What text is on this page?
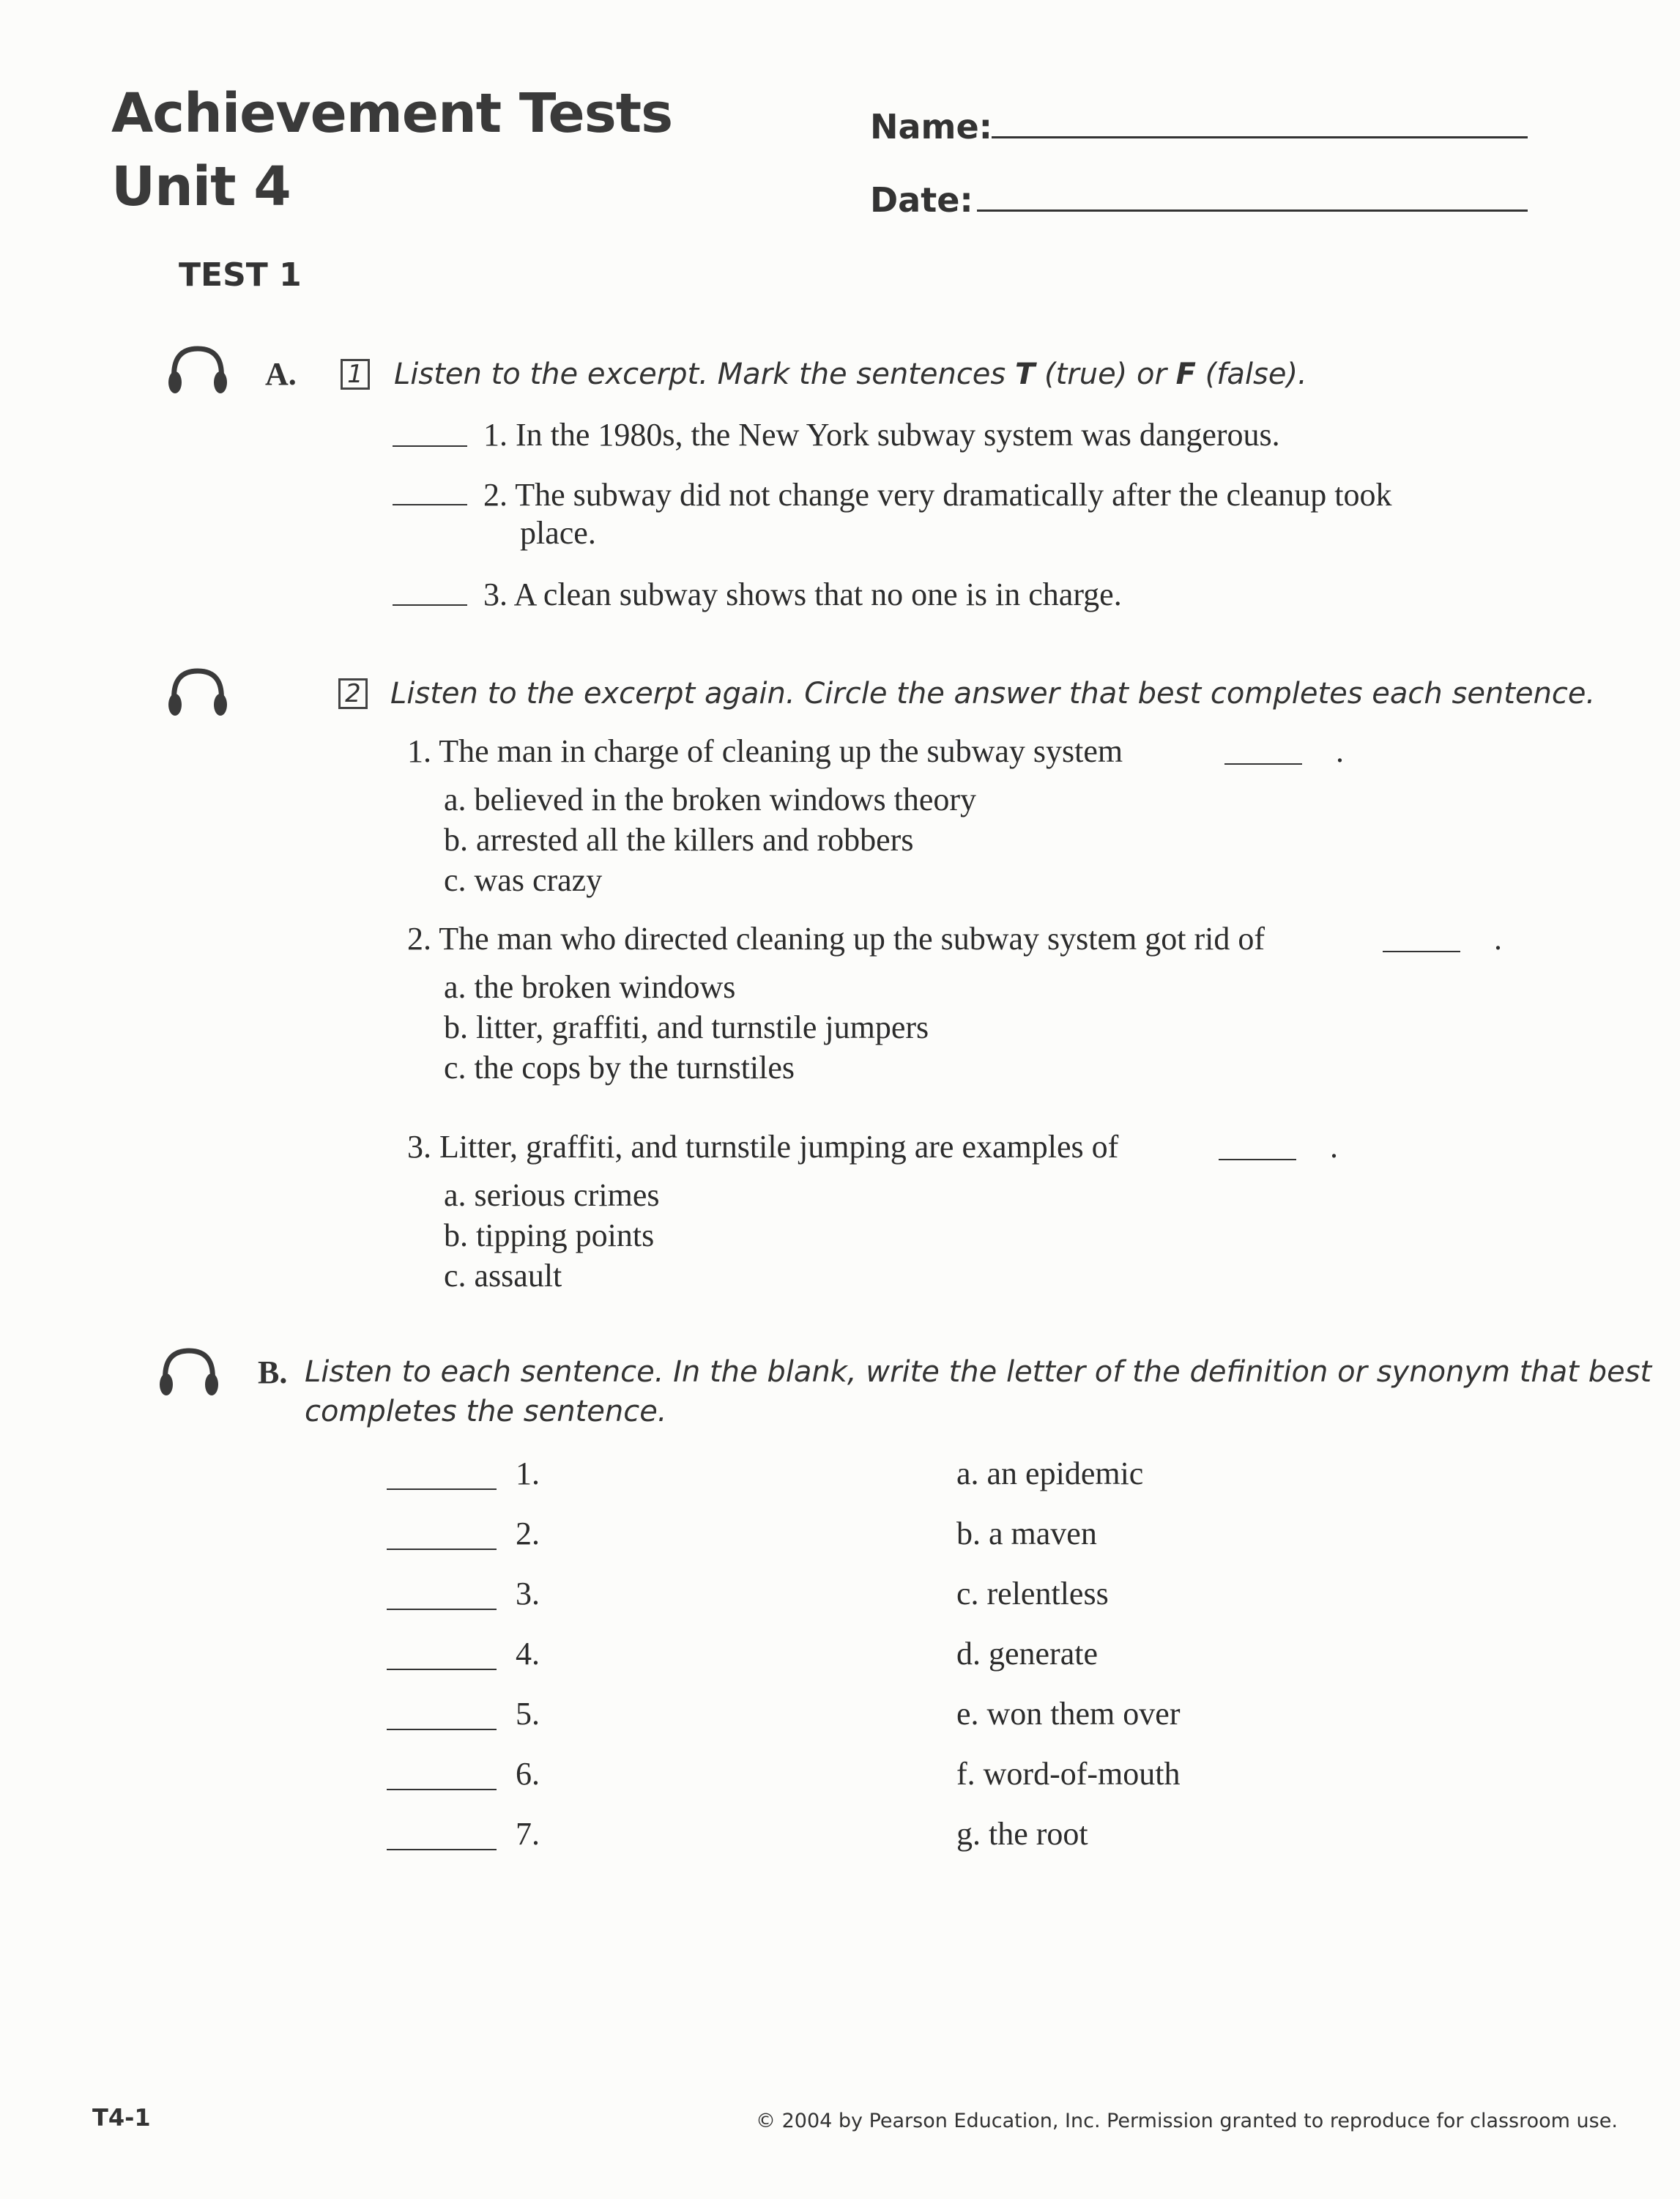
Achievement Tests
Unit 4
Name:
Date:
TEST 1
A. 1 Listen to the excerpt. Mark the sentences T (true) or F (false).
1. In the 1980s, the New York subway system was dangerous.
2. The subway did not change very dramatically after the cleanup took
place.
3. A clean subway shows that no one is in charge.
2 Listen to the excerpt again. Circle the answer that best completes each sentence.
1. The man in charge of cleaning up the subway system	.
a. believed in the broken windows theory
b. arrested all the killers and robbers
c. was crazy
2. The man who directed cleaning up the subway system got rid of	.
a. the broken windows
b. litter, graffiti, and turnstile jumpers
c. the cops by the turnstiles
3. Litter, graffiti, and turnstile jumping are examples of	.
a. serious crimes
b. tipping points
c. assault
B. Listen to each sentence. In the blank, write the letter of the definition or synonym that best
completes the sentence.
1.	a. an epidemic
2.	b. a maven
3.	c. relentless
4.	d. generate
5.	e. won them over
6.	f. word-of-mouth
7.	g. the root
T4-1	© 2004 by Pearson Education, Inc. Permission granted to reproduce for classroom use.
